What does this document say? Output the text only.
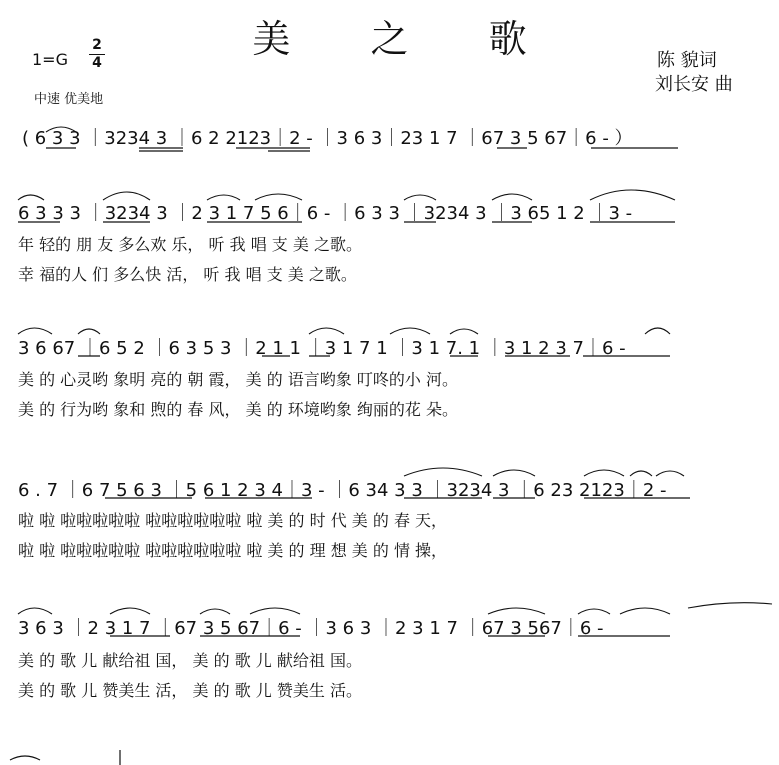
美 之 歌
1=G
2
4
中速 优美地
陈 貌词
刘长安 曲
( 6 3 3 ｜3234 3 ｜6 2 2123｜2 - ｜3 6 3｜23 1 7 ｜67 3 5 67｜6 - ）
6 3 3 3 ｜3234 3 ｜2 3 1 7 5 6｜6 - ｜6 3 3 ｜3234 3 ｜3 65 1 2 ｜3 -
年 轻的 朋 友 多么欢 乐， 听 我 唱 支 美 之歌。
幸 福的人 们 多么快 活， 听 我 唱 支 美 之歌。
3 6 67 ｜6 5 2 ｜6 3 5 3 ｜2 1 1 ｜3 1 7 1 ｜3 1 7. 1 ｜3 1 2 3 7｜6 -
美 的 心灵哟 象明 亮的 朝 霞， 美 的 语言哟象 叮咚的小 河。
美 的 行为哟 象和 煦的 春 风， 美 的 环境哟象 绚丽的花 朵。
6 . 7 ｜6 7 5 6 3 ｜5 6 1 2 3 4｜3 - ｜6 34 3 3 ｜3234 3 ｜6 23 2123｜2 -
啦 啦 啦啦啦啦啦 啦啦啦啦啦啦 啦 美 的 时 代 美 的 春 天，
啦 啦 啦啦啦啦啦 啦啦啦啦啦啦 啦 美 的 理 想 美 的 情 操，
3 6 3 ｜2 3 1 7 ｜67 3 5 67｜6 - ｜3 6 3 ｜2 3 1 7 ｜67 3 567｜6 -
美 的 歌 儿 献给祖 国， 美 的 歌 儿 献给祖 国。
美 的 歌 儿 赞美生 活， 美 的 歌 儿 赞美生 活。
